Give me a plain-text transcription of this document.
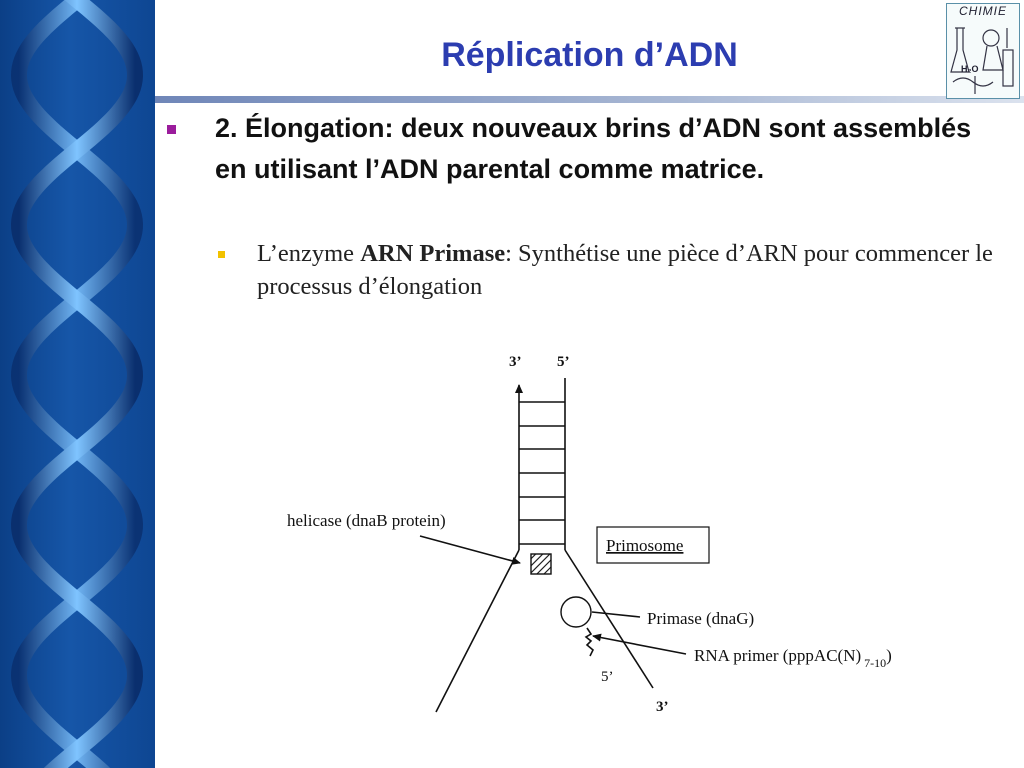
Réplication d’ADN
CHIMIE
H₂O
2. Élongation: deux nouveaux brins d’ADN sont assemblés en utilisant l’ADN parental comme matrice.
L’enzyme ARN Primase: Synthétise une pièce d’ARN pour commencer le processus d’élongation
3’ 5’
helicase (dnaB protein)
Primosome
Primase (dnaG)
RNA primer (pppAC(N) $_{7-10}$)
5’
3’
